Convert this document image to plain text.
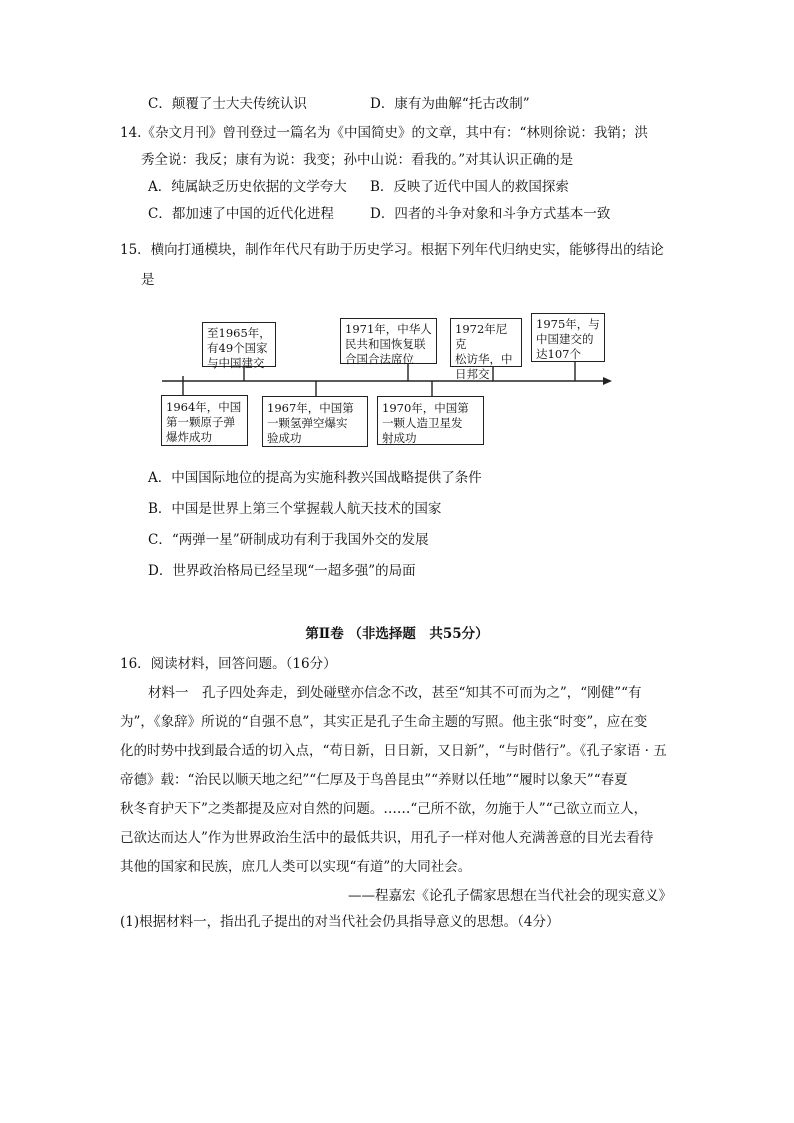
C．颠覆了士大夫传统认识	D．康有为曲解“托古改制”
14.《杂文月刊》曾刊登过一篇名为《中国简史》的文章，其中有：“林则徐说：我销；洪
秀全说：我反；康有为说：我变；孙中山说：看我的。”对其认识正确的是
A．纯属缺乏历史依据的文学夸大 B．反映了近代中国人的救国探索
C．都加速了中国的近代化进程	D．四者的斗争对象和斗争方式基本一致
15．横向打通模块，制作年代尺有助于历史学习。根据下列年代归纳史实，能够得出的结论
是
至1965年，
有49个国家
与中国建交
1971年，中华人
民共和国恢复联
合国合法席位
1972年尼克
松访华，中
日邦交
1975年，与
中国建交的
达107个
1964年，中国
第一颗原子弹
爆炸成功
1967年，中国第
一颗氢弹空爆实
验成功
1970年，中国第
一颗人造卫星发
射成功
A．中国国际地位的提高为实施科教兴国战略提供了条件
B．中国是世界上第三个掌握载人航天技术的国家
C．“两弹一星”研制成功有利于我国外交的发展
D．世界政治格局已经呈现“一超多强”的局面
第Ⅱ卷 （非选择题　共55分）
16．阅读材料，回答问题。（16分）
材料一　孔子四处奔走，到处碰壁亦信念不改，甚至“知其不可而为之”，“刚健”“有
为”，《象辞》所说的“自强不息”，其实正是孔子生命主题的写照。他主张“时变”，应在变
化的时势中找到最合适的切入点，“苟日新，日日新，又日新”，“与时偕行”。《孔子家语 · 五
帝德》载：“治民以顺天地之纪”“仁厚及于鸟兽昆虫”“养财以任地”“履时以象天”“春夏
秋冬育护天下”之类都提及应对自然的问题。……“己所不欲，勿施于人”“己欲立而立人，
己欲达而达人”作为世界政治生活中的最低共识，用孔子一样对他人充满善意的目光去看待
其他的国家和民族，庶几人类可以实现“有道”的大同社会。
——程嘉宏《论孔子儒家思想在当代社会的现实意义》
(1)根据材料一，指出孔子提出的对当代社会仍具指导意义的思想。（4分）
